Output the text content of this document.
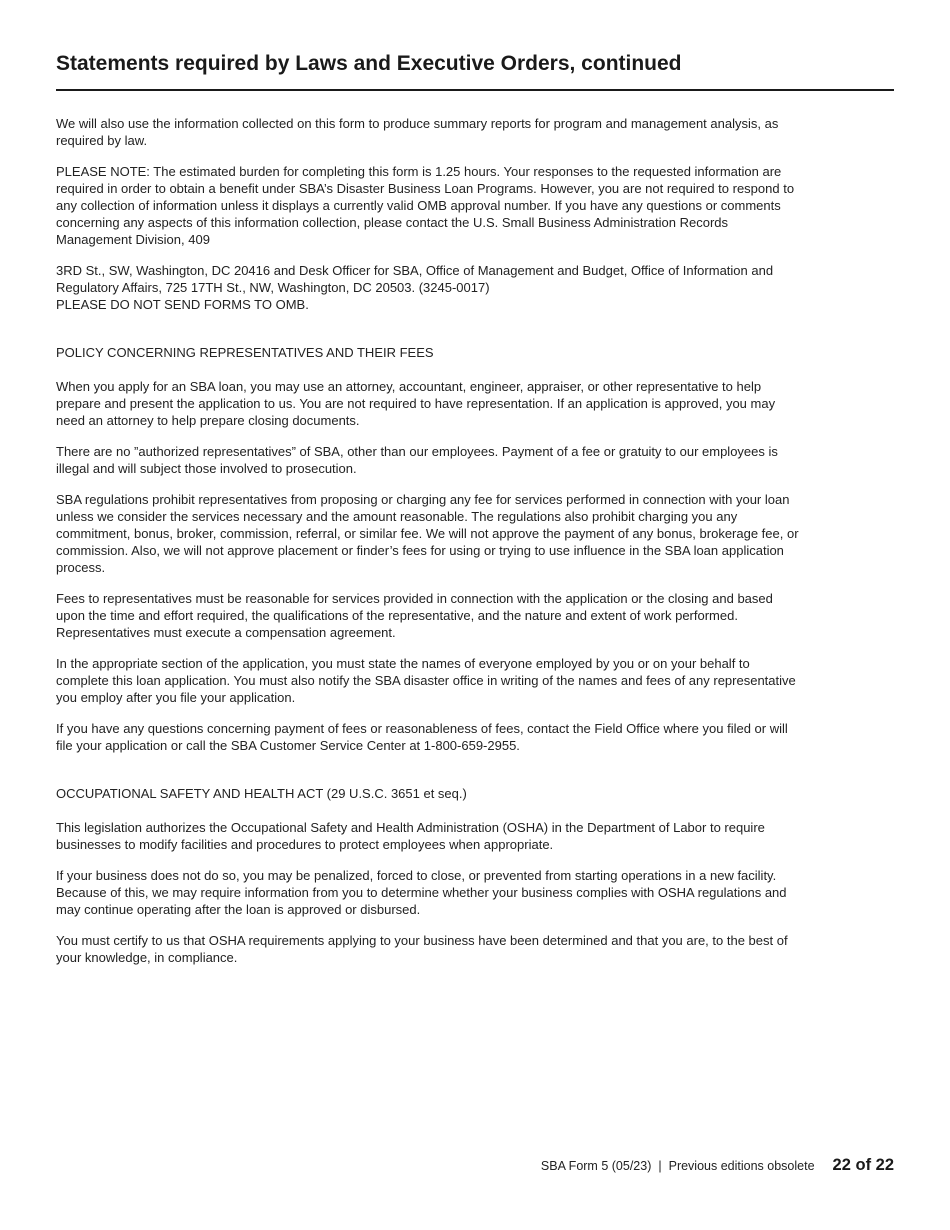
Statements required by Laws and Executive Orders, continued

We will also use the information collected on this form to produce summary reports for program and management analysis, as required by law.

PLEASE NOTE: The estimated burden for completing this form is 1.25 hours. Your responses to the requested information are required in order to obtain a benefit under SBA’s Disaster Business Loan Programs. However, you are not required to respond to any collection of information unless it displays a currently valid OMB approval number. If you have any questions or comments concerning any aspects of this information collection, please contact the U.S. Small Business Administration Records Management Division, 409

3RD St., SW, Washington, DC 20416 and Desk Officer for SBA, Office of Management and Budget, Office of Information and Regulatory Affairs, 725 17TH St., NW, Washington, DC 20503. (3245-0017)
PLEASE DO NOT SEND FORMS TO OMB.

POLICY CONCERNING REPRESENTATIVES AND THEIR FEES

When you apply for an SBA loan, you may use an attorney, accountant, engineer, appraiser, or other representative to help prepare and present the application to us. You are not required to have representation. If an application is approved, you may need an attorney to help prepare closing documents.

There are no ”authorized representatives” of SBA, other than our employees. Payment of a fee or gratuity to our employees is illegal and will subject those involved to prosecution.

SBA regulations prohibit representatives from proposing or charging any fee for services performed in connection with your loan unless we consider the services necessary and the amount reasonable. The regulations also prohibit charging you any commitment, bonus, broker, commission, referral, or similar fee. We will not approve the payment of any bonus, brokerage fee, or commission. Also, we will not approve placement or finder’s fees for using or trying to use influence in the SBA loan application process.

Fees to representatives must be reasonable for services provided in connection with the application or the closing and based upon the time and effort required, the qualifications of the representative, and the nature and extent of work performed. Representatives must execute a compensation agreement.

In the appropriate section of the application, you must state the names of everyone employed by you or on your behalf to complete this loan application. You must also notify the SBA disaster office in writing of the names and fees of any representative you employ after you file your application.

If you have any questions concerning payment of fees or reasonableness of fees, contact the Field Office where you filed or will file your application or call the SBA Customer Service Center at 1-800-659-2955.

OCCUPATIONAL SAFETY AND HEALTH ACT (29 U.S.C. 3651 et seq.)

This legislation authorizes the Occupational Safety and Health Administration (OSHA) in the Department of Labor to require businesses to modify facilities and procedures to protect employees when appropriate.

If your business does not do so, you may be penalized, forced to close, or prevented from starting operations in a new facility. Because of this, we may require information from you to determine whether your business complies with OSHA regulations and may continue operating after the loan is approved or disbursed.

You must certify to us that OSHA requirements applying to your business have been determined and that you are, to the best of your knowledge, in compliance.

SBA Form 5 (05/23) | Previous editions obsolete 22 of 22
